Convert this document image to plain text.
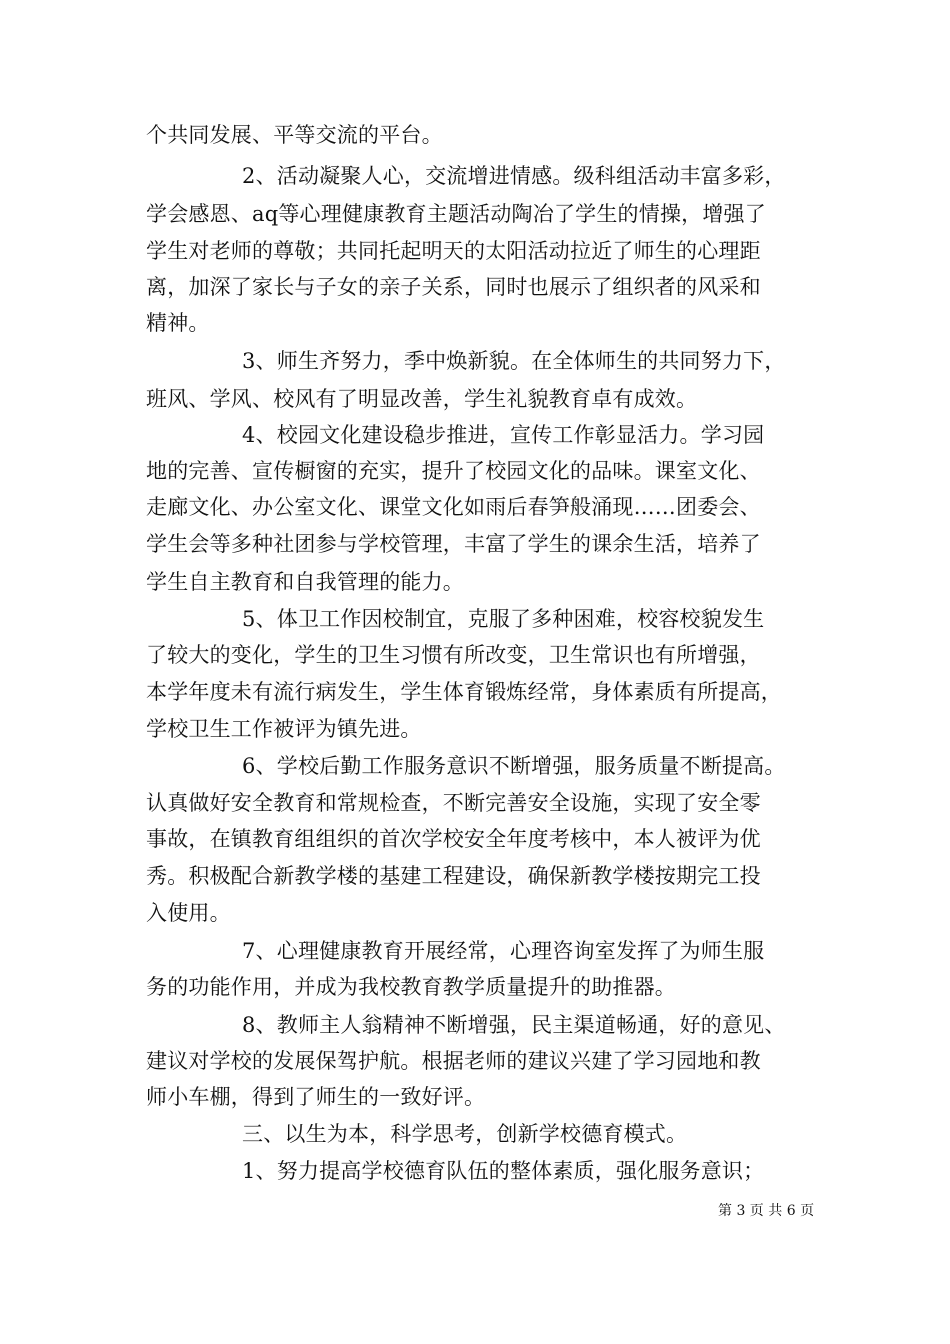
个共同发展、平等交流的平台。
2、活动凝聚人心，交流增进情感。级科组活动丰富多彩，
学会感恩、aq等心理健康教育主题活动陶冶了学生的情操，增强了
学生对老师的尊敬；共同托起明天的太阳活动拉近了师生的心理距
离，加深了家长与子女的亲子关系，同时也展示了组织者的风采和
精神。
3、师生齐努力，季中焕新貌。在全体师生的共同努力下，
班风、学风、校风有了明显改善，学生礼貌教育卓有成效。
4、校园文化建设稳步推进，宣传工作彰显活力。学习园
地的完善、宣传橱窗的充实，提升了校园文化的品味。课室文化、
走廊文化、办公室文化、课堂文化如雨后春笋般涌现……团委会、
学生会等多种社团参与学校管理，丰富了学生的课余生活，培养了
学生自主教育和自我管理的能力。
5、体卫工作因校制宜，克服了多种困难，校容校貌发生
了较大的变化，学生的卫生习惯有所改变，卫生常识也有所增强，
本学年度未有流行病发生，学生体育锻炼经常，身体素质有所提高，
学校卫生工作被评为镇先进。
6、学校后勤工作服务意识不断增强，服务质量不断提高。
认真做好安全教育和常规检查，不断完善安全设施，实现了安全零
事故，在镇教育组组织的首次学校安全年度考核中，本人被评为优
秀。积极配合新教学楼的基建工程建设，确保新教学楼按期完工投
入使用。
7、心理健康教育开展经常，心理咨询室发挥了为师生服
务的功能作用，并成为我校教育教学质量提升的助推器。
8、教师主人翁精神不断增强，民主渠道畅通，好的意见、
建议对学校的发展保驾护航。根据老师的建议兴建了学习园地和教
师小车棚，得到了师生的一致好评。
三、以生为本，科学思考，创新学校德育模式。
1、努力提高学校德育队伍的整体素质，强化服务意识；
第 3 页 共 6 页
